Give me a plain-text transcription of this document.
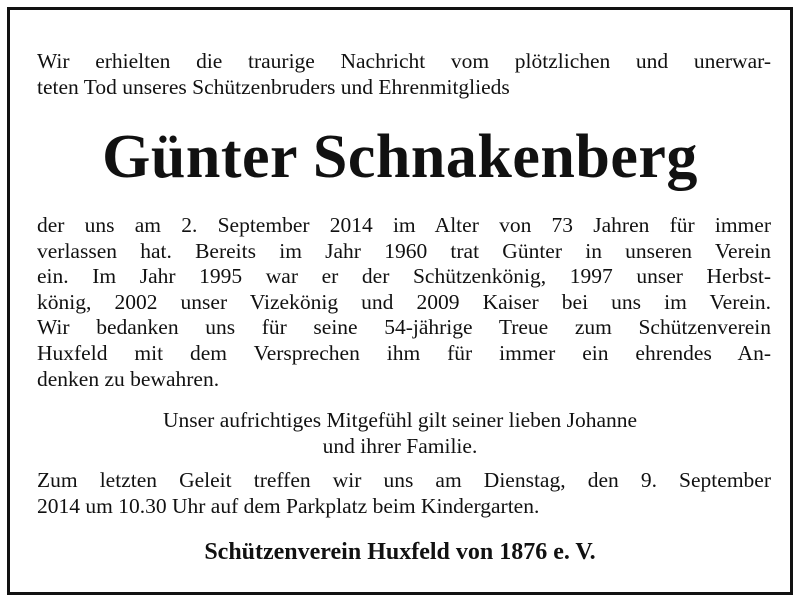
Wir erhielten die traurige Nachricht vom plötzlichen und unerwar-
teten Tod unseres Schützenbruders und Ehrenmitglieds
Günter Schnakenberg
der uns am 2. September 2014 im Alter von 73 Jahren für immer
verlassen hat. Bereits im Jahr 1960 trat Günter in unseren Verein
ein. Im Jahr 1995 war er der Schützenkönig, 1997 unser Herbst-
könig, 2002 unser Vizekönig und 2009 Kaiser bei uns im Verein.
Wir bedanken uns für seine 54-jährige Treue zum Schützenverein
Huxfeld mit dem Versprechen ihm für immer ein ehrendes An-
denken zu bewahren.
Unser aufrichtiges Mitgefühl gilt seiner lieben Johanne
und ihrer Familie.
Zum letzten Geleit treffen wir uns am Dienstag, den 9. September
2014 um 10.30 Uhr auf dem Parkplatz beim Kindergarten.
Schützenverein Huxfeld von 1876 e. V.
